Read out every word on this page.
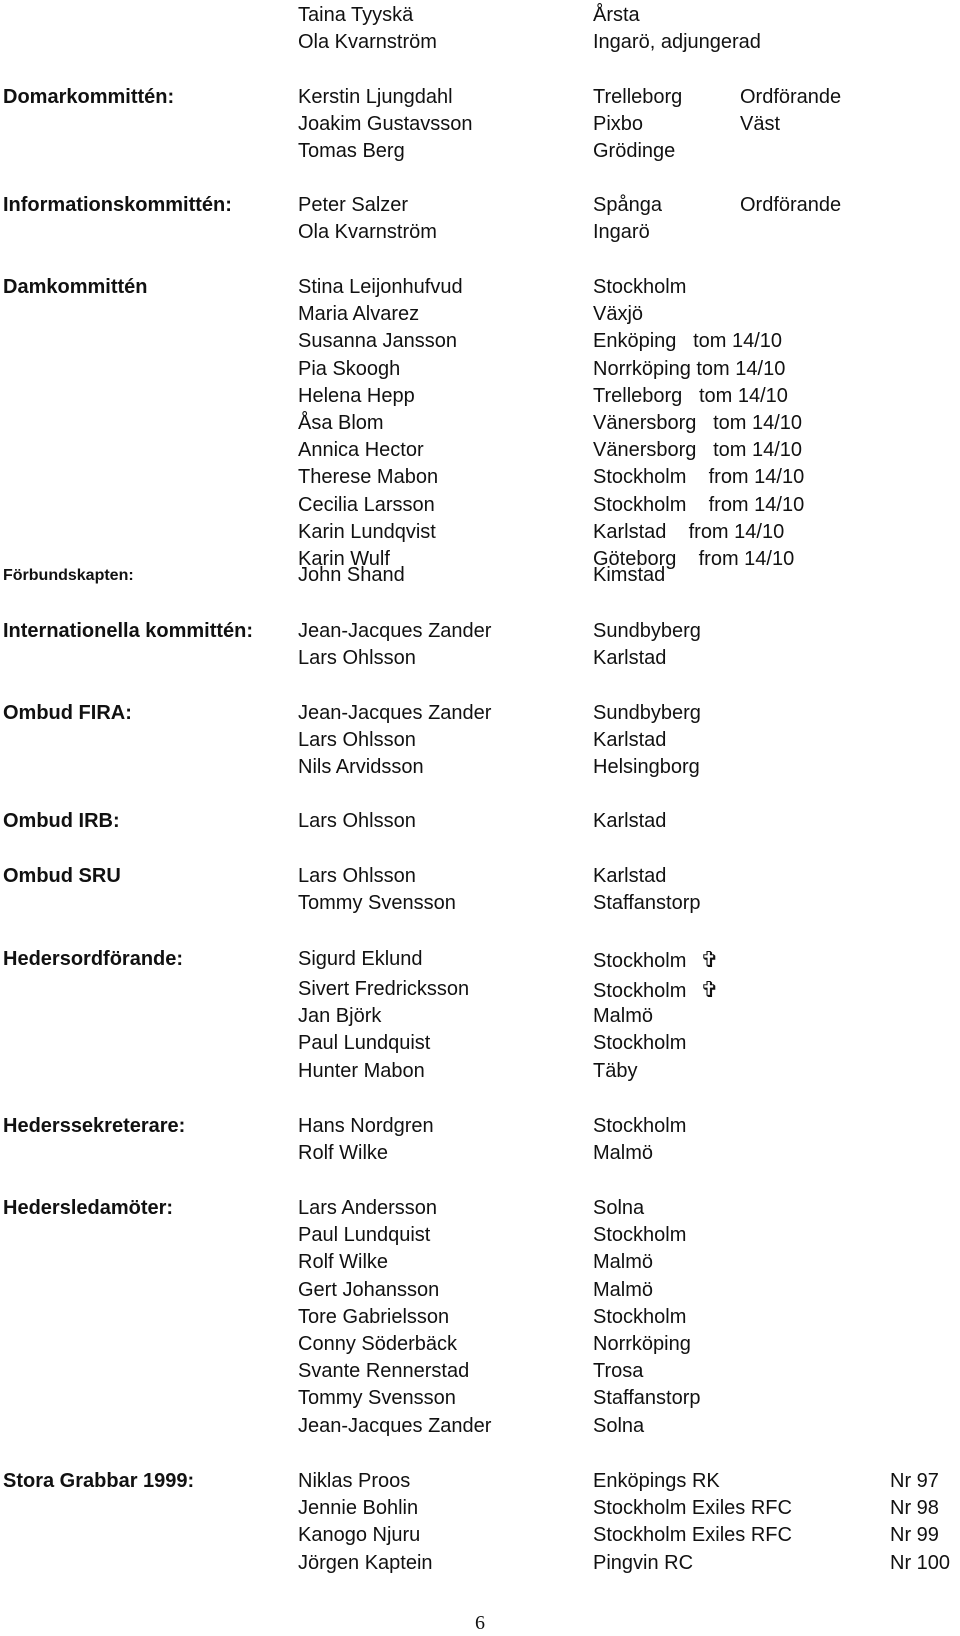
Taina Tyyskä	Årsta
Ola Kvarnström	Ingarö, adjungerad
Domarkommittén:	Kerstin Ljungdahl	Trelleborg	Ordförande
Joakim Gustavsson	Pixbo	Väst
Tomas Berg	Grödinge
Informationskommittén:	Peter Salzer	Spånga	Ordförande
Ola Kvarnström	Ingarö
Damkommittén	Stina Leijonhufvud	Stockholm
Maria Alvarez	Växjö
Susanna Jansson	Enköping   tom 14/10
Pia Skoogh	Norrköping tom 14/10
Helena Hepp	Trelleborg   tom 14/10
Åsa Blom	Vänersborg   tom 14/10
Annica Hector	Vänersborg   tom 14/10
Therese Mabon	Stockholm    from 14/10
Cecilia Larsson	Stockholm    from 14/10
Karin Lundqvist	Karlstad    from 14/10
Karin Wulf	Göteborg    from 14/10
Förbundskapten:	John Shand	Kimstad
Internationella kommittén: Jean-Jacques Zander	Sundbyberg
Lars Ohlsson	Karlstad
Ombud FIRA:	Jean-Jacques Zander	Sundbyberg
Lars Ohlsson	Karlstad
Nils Arvidsson	Helsingborg
Ombud IRB:	Lars Ohlsson	Karlstad
Ombud SRU	Lars Ohlsson	Karlstad
Tommy Svensson	Staffanstorp
Hedersordförande:	Sigurd Eklund	Stockholm ✞
Sivert Fredricksson	Stockholm ✞
Jan Björk	Malmö
Paul Lundquist	Stockholm
Hunter Mabon	Täby
Hederssekreterare:	Hans Nordgren	Stockholm
Rolf Wilke	Malmö
Hedersledamöter:	Lars Andersson	Solna
Paul Lundquist	Stockholm
Rolf Wilke	Malmö
Gert Johansson	Malmö
Tore Gabrielsson	Stockholm
Conny Söderbäck	Norrköping
Svante Rennerstad	Trosa
Tommy Svensson	Staffanstorp
Jean-Jacques Zander	Solna
Stora Grabbar 1999:	Niklas Proos	Enköpings RK	Nr 97
Jennie Bohlin	Stockholm Exiles RFC	Nr 98
Kanogo Njuru	Stockholm Exiles RFC	Nr 99
Jörgen Kaptein	Pingvin RC	Nr 100
6
